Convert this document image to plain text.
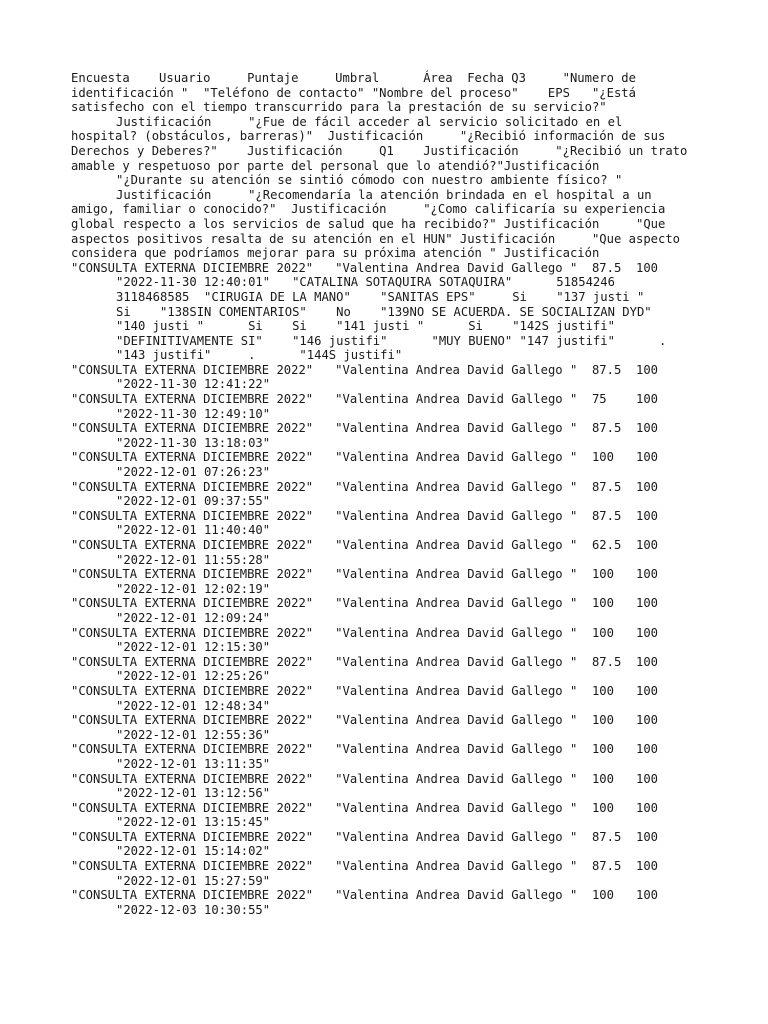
Encuesta    Usuario     Puntaje     Umbral      Área  Fecha Q3     "Numero de
identificación "  "Teléfono de contacto" "Nombre del proceso"    EPS   "¿Está
satisfecho con el tiempo transcurrido para la prestación de su servicio?"
Justificación     "¿Fue de fácil acceder al servicio solicitado en el
hospital? (obstáculos, barreras)"  Justificación     "¿Recibió información de sus
Derechos y Deberes?"    Justificación     Q1    Justificación     "¿Recibió un trato
amable y respetuoso por parte del personal que lo atendió?"Justificación
"¿Durante su atención se sintió cómodo con nuestro ambiente físico? "
Justificación     "¿Recomendaría la atención brindada en el hospital a un
amigo, familiar o conocido?"  Justificación     "¿Como calificaría su experiencia
global respecto a los servicios de salud que ha recibido?" Justificación     "Que
aspectos positivos resalta de su atención en el HUN" Justificación     "Que aspecto
considera que podríamos mejorar para su próxima atención " Justificación
"CONSULTA EXTERNA DICIEMBRE 2022"   "Valentina Andrea David Gallego "  87.5  100
"2022-11-30 12:40:01"   "CATALINA SOTAQUIRA SOTAQUIRA"      51854246
3118468585  "CIRUGIA DE LA MANO"    "SANITAS EPS"     Si    "137 justi "
Si    "138SIN COMENTARIOS"    No    "139NO SE ACUERDA. SE SOCIALIZAN DYD"
"140 justi "      Si    Si    "141 justi "      Si    "142S justifi"
"DEFINITIVAMENTE SI"    "146 justifi"      "MUY BUENO" "147 justifi"      .
"143 justifi"     .      "144S justifi"
"CONSULTA EXTERNA DICIEMBRE 2022"   "Valentina Andrea David Gallego "  87.5  100
"2022-11-30 12:41:22"
"CONSULTA EXTERNA DICIEMBRE 2022"   "Valentina Andrea David Gallego "  75    100
"2022-11-30 12:49:10"
"CONSULTA EXTERNA DICIEMBRE 2022"   "Valentina Andrea David Gallego "  87.5  100
"2022-11-30 13:18:03"
"CONSULTA EXTERNA DICIEMBRE 2022"   "Valentina Andrea David Gallego "  100   100
"2022-12-01 07:26:23"
"CONSULTA EXTERNA DICIEMBRE 2022"   "Valentina Andrea David Gallego "  87.5  100
"2022-12-01 09:37:55"
"CONSULTA EXTERNA DICIEMBRE 2022"   "Valentina Andrea David Gallego "  87.5  100
"2022-12-01 11:40:40"
"CONSULTA EXTERNA DICIEMBRE 2022"   "Valentina Andrea David Gallego "  62.5  100
"2022-12-01 11:55:28"
"CONSULTA EXTERNA DICIEMBRE 2022"   "Valentina Andrea David Gallego "  100   100
"2022-12-01 12:02:19"
"CONSULTA EXTERNA DICIEMBRE 2022"   "Valentina Andrea David Gallego "  100   100
"2022-12-01 12:09:24"
"CONSULTA EXTERNA DICIEMBRE 2022"   "Valentina Andrea David Gallego "  100   100
"2022-12-01 12:15:30"
"CONSULTA EXTERNA DICIEMBRE 2022"   "Valentina Andrea David Gallego "  87.5  100
"2022-12-01 12:25:26"
"CONSULTA EXTERNA DICIEMBRE 2022"   "Valentina Andrea David Gallego "  100   100
"2022-12-01 12:48:34"
"CONSULTA EXTERNA DICIEMBRE 2022"   "Valentina Andrea David Gallego "  100   100
"2022-12-01 12:55:36"
"CONSULTA EXTERNA DICIEMBRE 2022"   "Valentina Andrea David Gallego "  100   100
"2022-12-01 13:11:35"
"CONSULTA EXTERNA DICIEMBRE 2022"   "Valentina Andrea David Gallego "  100   100
"2022-12-01 13:12:56"
"CONSULTA EXTERNA DICIEMBRE 2022"   "Valentina Andrea David Gallego "  100   100
"2022-12-01 13:15:45"
"CONSULTA EXTERNA DICIEMBRE 2022"   "Valentina Andrea David Gallego "  87.5  100
"2022-12-01 15:14:02"
"CONSULTA EXTERNA DICIEMBRE 2022"   "Valentina Andrea David Gallego "  87.5  100
"2022-12-01 15:27:59"
"CONSULTA EXTERNA DICIEMBRE 2022"   "Valentina Andrea David Gallego "  100   100
"2022-12-03 10:30:55"
